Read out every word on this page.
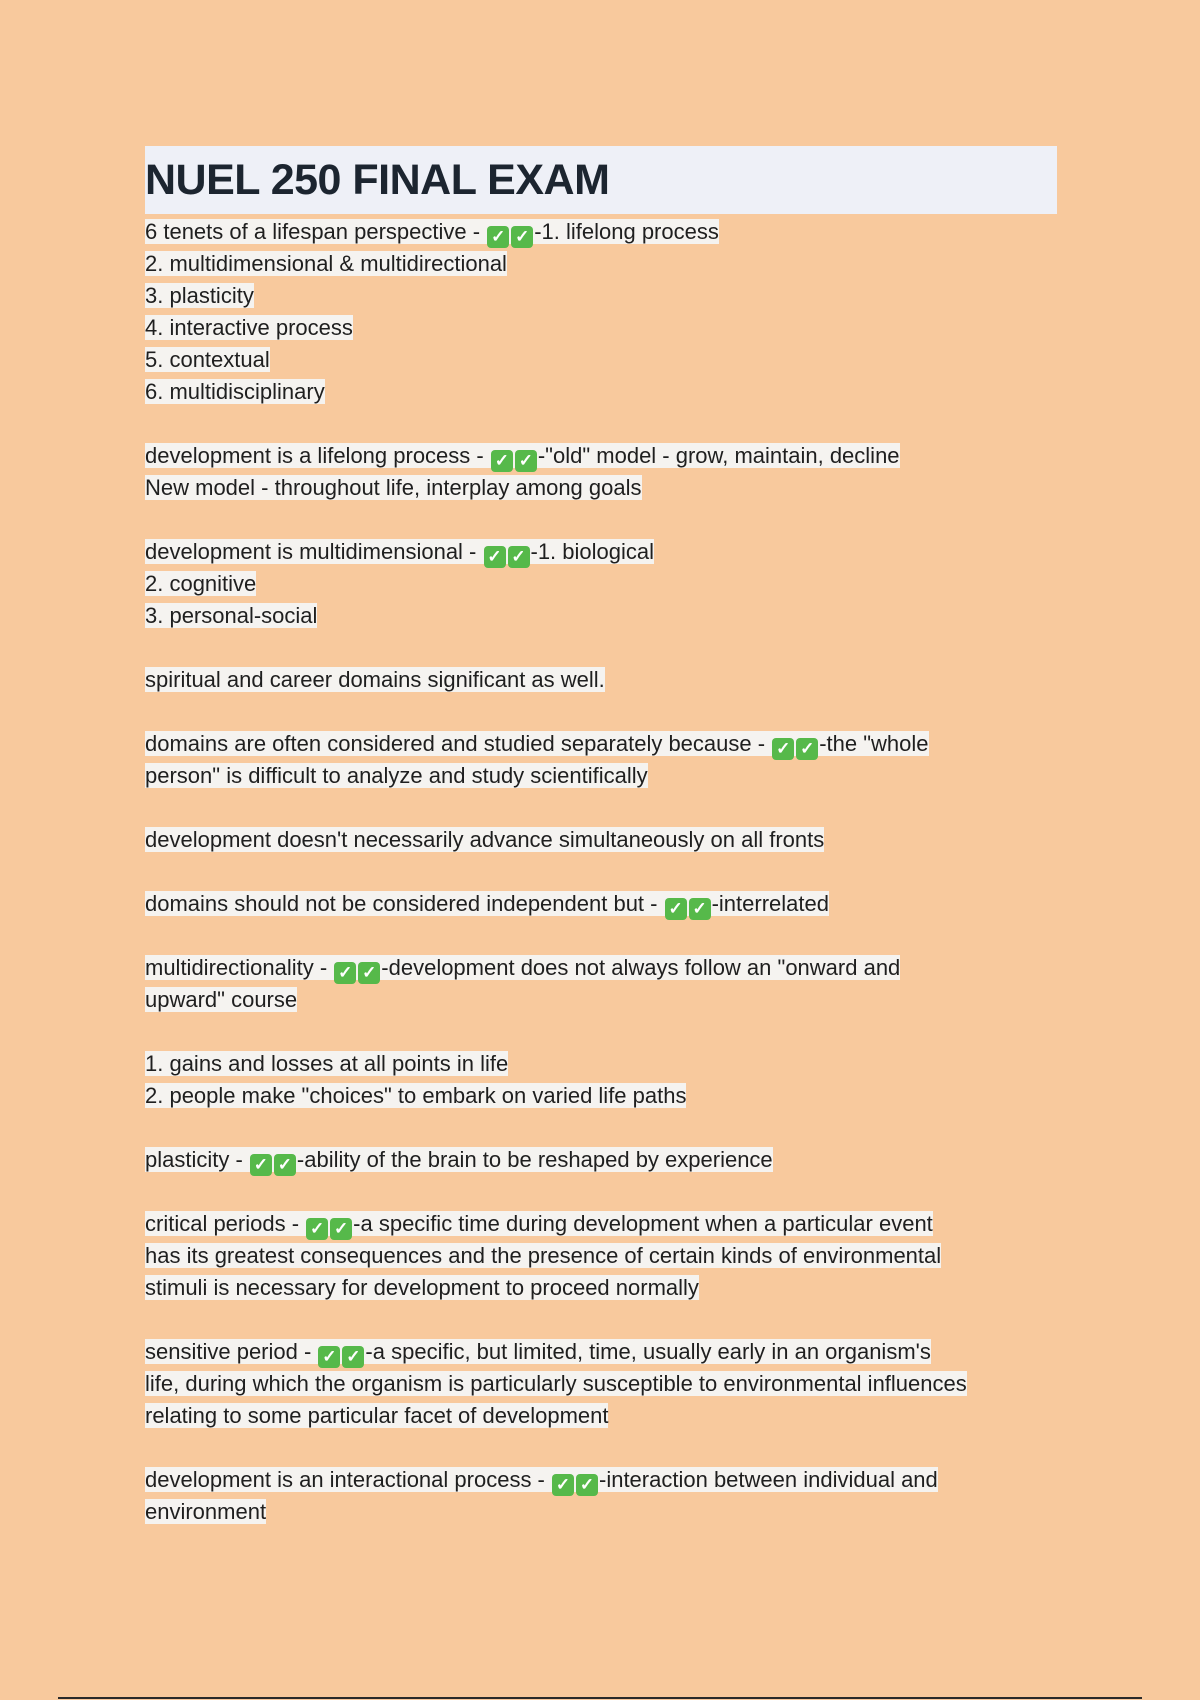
NUEL 250 FINAL EXAM
6 tenets of a lifespan perspective - ✓ ✓ -1. lifelong process
2. multidimensional & multidirectional
3. plasticity
4. interactive process
5. contextual
6. multidisciplinary
development is a lifelong process - ✓ ✓ -"old" model - grow, maintain, decline
New model - throughout life, interplay among goals
development is multidimensional - ✓ ✓ -1. biological
2. cognitive
3. personal-social
spiritual and career domains significant as well.
domains are often considered and studied separately because - ✓ ✓ -the "whole
person" is difficult to analyze and study scientifically
development doesn't necessarily advance simultaneously on all fronts
domains should not be considered independent but - ✓ ✓ -interrelated
multidirectionality - ✓ ✓ -development does not always follow an "onward and
upward" course
1. gains and losses at all points in life
2. people make "choices" to embark on varied life paths
plasticity - ✓ ✓ -ability of the brain to be reshaped by experience
critical periods - ✓ ✓ -a specific time during development when a particular event
has its greatest consequences and the presence of certain kinds of environmental
stimuli is necessary for development to proceed normally
sensitive period - ✓ ✓ -a specific, but limited, time, usually early in an organism's
life, during which the organism is particularly susceptible to environmental influences
relating to some particular facet of development
development is an interactional process - ✓ ✓ -interaction between individual and
environment
